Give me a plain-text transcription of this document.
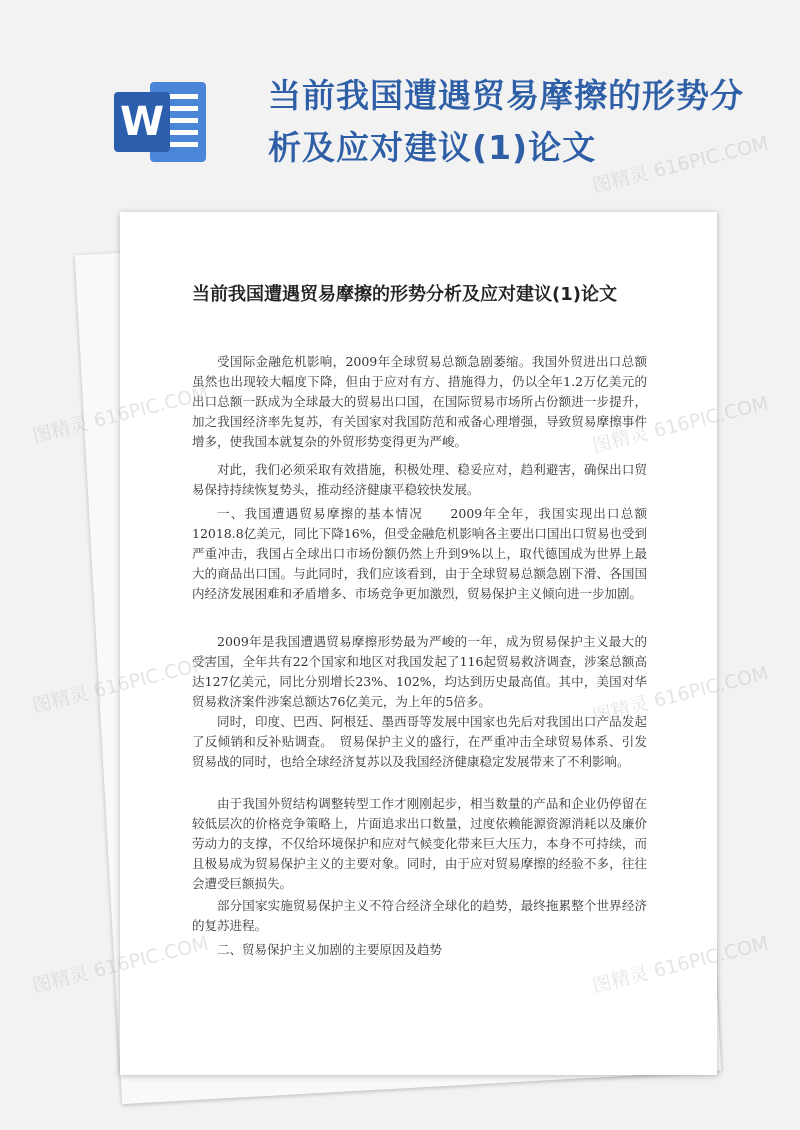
W
当前我国遭遇贸易摩擦的形势分析及应对建议(1)论文
当前我国遭遇贸易摩擦的形势分析及应对建议(1)论文

受国际金融危机影响，2009年全球贸易总额急剧萎缩。我国外贸进出口总额虽然也出现较大幅度下降，但由于应对有方、措施得力，仍以全年1.2万亿美元的出口总额一跃成为全球最大的贸易出口国，在国际贸易市场所占份额进一步提升，加之我国经济率先复苏，有关国家对我国防范和戒备心理增强，导致贸易摩擦事件增多，使我国本就复杂的外贸形势变得更为严峻。

对此，我们必须采取有效措施，积极处理、稳妥应对，趋利避害，确保出口贸易保持持续恢复势头，推动经济健康平稳较快发展。

一、我国遭遇贸易摩擦的基本情况　　2009年全年，我国实现出口总额12018.8亿美元，同比下降16%，但受金融危机影响各主要出口国出口贸易也受到严重冲击，我国占全球出口市场份额仍然上升到9%以上，取代德国成为世界上最大的商品出口国。与此同时，我们应该看到，由于全球贸易总额急剧下滑、各国国内经济发展困难和矛盾增多、市场竞争更加激烈，贸易保护主义倾向进一步加剧。

2009年是我国遭遇贸易摩擦形势最为严峻的一年，成为贸易保护主义最大的受害国，全年共有22个国家和地区对我国发起了116起贸易救济调查，涉案总额高达127亿美元，同比分别增长23%、102%，均达到历史最高值。其中，美国对华贸易救济案件涉案总额达76亿美元，为上年的5倍多。

同时，印度、巴西、阿根廷、墨西哥等发展中国家也先后对我国出口产品发起了反倾销和反补贴调查。　贸易保护主义的盛行，在严重冲击全球贸易体系、引发贸易战的同时，也给全球经济复苏以及我国经济健康稳定发展带来了不利影响。

由于我国外贸结构调整转型工作才刚刚起步，相当数量的产品和企业仍停留在较低层次的价格竞争策略上，片面追求出口数量，过度依赖能源资源消耗以及廉价劳动力的支撑，不仅给环境保护和应对气候变化带来巨大压力，本身不可持续，而且极易成为贸易保护主义的主要对象。同时，由于应对贸易摩擦的经验不多，往往会遭受巨额损失。

部分国家实施贸易保护主义不符合经济全球化的趋势，最终拖累整个世界经济的复苏进程。

二、贸易保护主义加剧的主要原因及趋势

图精灵 616PIC.COM
图精灵 616PIC.COM	图精灵 616PIC.COM
图精灵 616PIC.COM	图精灵 616PIC.COM
图精灵 616PIC.COM	图精灵 616PIC.COM
